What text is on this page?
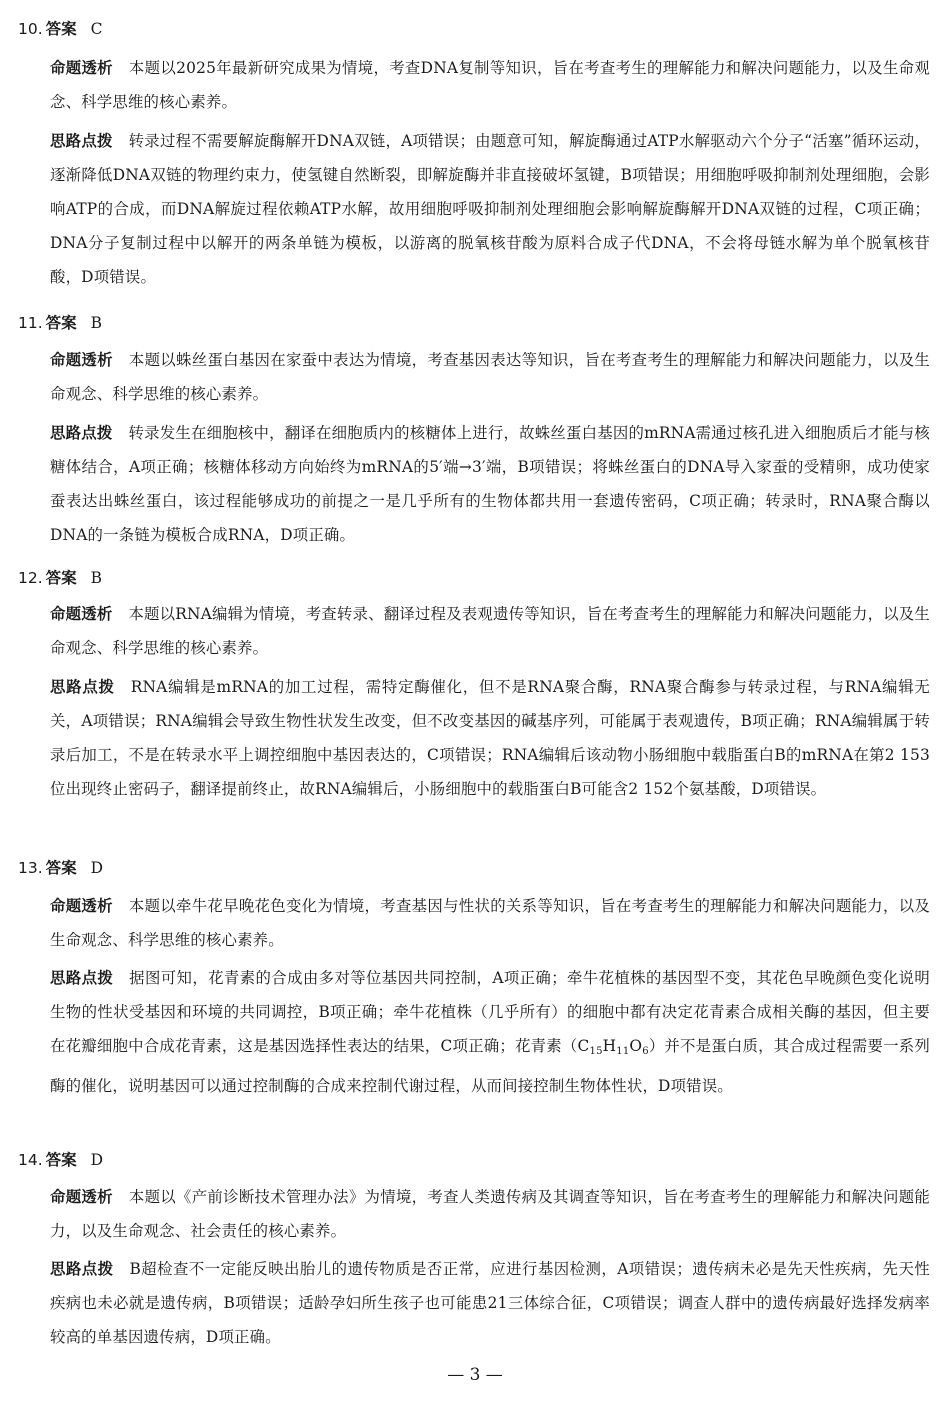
10. 答案 C
命题透析 本题以2025年最新研究成果为情境，考查DNA复制等知识，旨在考查考生的理解能力和解决问题能力，以及生命观念、科学思维的核心素养。
思路点拨 转录过程不需要解旋酶解开DNA双链，A项错误；由题意可知，解旋酶通过ATP水解驱动六个分子“活塞”循环运动，逐渐降低DNA双链的物理约束力，使氢键自然断裂，即解旋酶并非直接破坏氢键，B项错误；用细胞呼吸抑制剂处理细胞，会影响ATP的合成，而DNA解旋过程依赖ATP水解，故用细胞呼吸抑制剂处理细胞会影响解旋酶解开DNA双链的过程，C项正确；DNA分子复制过程中以解开的两条单链为模板，以游离的脱氧核苷酸为原料合成子代DNA，不会将母链水解为单个脱氧核苷酸，D项错误。
11. 答案 B
命题透析 本题以蛛丝蛋白基因在家蚕中表达为情境，考查基因表达等知识，旨在考查考生的理解能力和解决问题能力，以及生命观念、科学思维的核心素养。
思路点拨 转录发生在细胞核中，翻译在细胞质内的核糖体上进行，故蛛丝蛋白基因的mRNA需通过核孔进入细胞质后才能与核糖体结合，A项正确；核糖体移动方向始终为mRNA的5′端→3′端，B项错误；将蛛丝蛋白的DNA导入家蚕的受精卵，成功使家蚕表达出蛛丝蛋白，该过程能够成功的前提之一是几乎所有的生物体都共用一套遗传密码，C项正确；转录时，RNA聚合酶以DNA的一条链为模板合成RNA，D项正确。
12. 答案 B
命题透析 本题以RNA编辑为情境，考查转录、翻译过程及表观遗传等知识，旨在考查考生的理解能力和解决问题能力，以及生命观念、科学思维的核心素养。
思路点拨 RNA编辑是mRNA的加工过程，需特定酶催化，但不是RNA聚合酶，RNA聚合酶参与转录过程，与RNA编辑无关，A项错误；RNA编辑会导致生物性状发生改变，但不改变基因的碱基序列，可能属于表观遗传，B项正确；RNA编辑属于转录后加工，不是在转录水平上调控细胞中基因表达的，C项错误；RNA编辑后该动物小肠细胞中载脂蛋白B的mRNA在第2 153位出现终止密码子，翻译提前终止，故RNA编辑后，小肠细胞中的载脂蛋白B可能含2 152个氨基酸，D项错误。
13. 答案 D
命题透析 本题以牵牛花早晚花色变化为情境，考查基因与性状的关系等知识，旨在考查考生的理解能力和解决问题能力，以及生命观念、科学思维的核心素养。
思路点拨 据图可知，花青素的合成由多对等位基因共同控制，A项正确；牵牛花植株的基因型不变，其花色早晚颜色变化说明生物的性状受基因和环境的共同调控，B项正确；牵牛花植株（几乎所有）的细胞中都有决定花青素合成相关酶的基因，但主要在花瓣细胞中合成花青素，这是基因选择性表达的结果，C项正确；花青素$(C_{15}H_{11}O_6)$并不是蛋白质，其合成过程需要一系列酶的催化，说明基因可以通过控制酶的合成来控制代谢过程，从而间接控制生物体性状，D项错误。
14. 答案 D
命题透析 本题以《产前诊断技术管理办法》为情境，考查人类遗传病及其调查等知识，旨在考查考生的理解能力和解决问题能力，以及生命观念、社会责任的核心素养。
思路点拨 B超检查不一定能反映出胎儿的遗传物质是否正常，应进行基因检测，A项错误；遗传病未必是先天性疾病，先天性疾病也未必就是遗传病，B项错误；适龄孕妇所生孩子也可能患21三体综合征，C项错误；调查人群中的遗传病最好选择发病率较高的单基因遗传病，D项正确。
— 3 —
